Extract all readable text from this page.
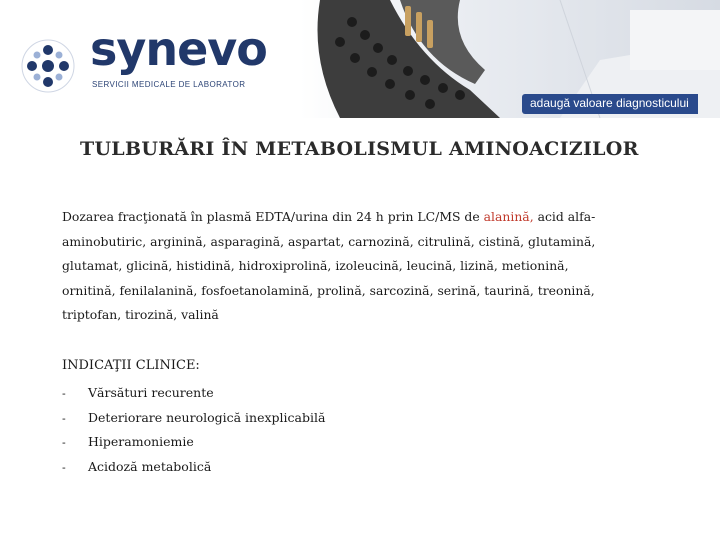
synevo
SERVICII MEDICALE DE LABORATOR
adaugă valoare diagnosticului
TULBURĂRI ÎN METABOLISMUL AMINOACIZILOR
Dozarea fracţionată în plasmă EDTA/urina din 24 h prin LC/MS de alanină, acid alfa-aminobutiric, arginină, asparagină, aspartat, carnozină, citrulină, cistină, glutamină, glutamat, glicină, histidină, hidroxiprolină, izoleucină, leucină, lizină, metionină, ornitină, fenilalanină, fosfoetanolamină, prolină, sarcozină, serină, taurină, treonină, triptofan, tirozină, valină
INDICAŢII CLINICE:
- Vărsături recurente
- Deteriorare neurologică inexplicabilă
- Hiperamoniemie
- Acidoză metabolică
